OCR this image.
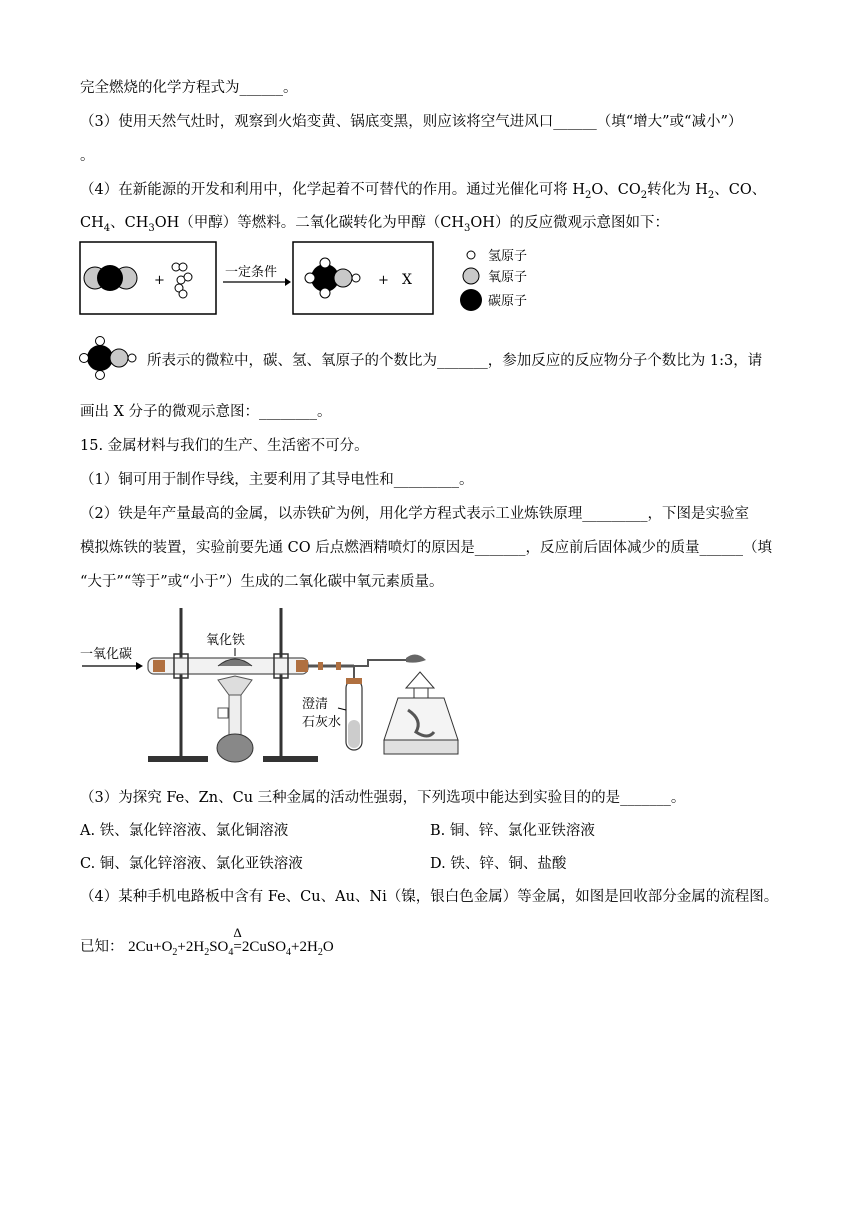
完全燃烧的化学方程式为______。
（3）使用天然气灶时，观察到火焰变黄、锅底变黑，则应该将空气进风口______（填“增大”或“减小”）
。
（4）在新能源的开发和利用中，化学起着不可替代的作用。通过光催化可将 $H_2O$、$CO_2$转化为 $H_2$、CO、
$CH_4$、$CH_3OH$（甲醇）等燃料。二氧化碳转化为甲醇$(CH_3OH)$的反应微观示意图如下：
+
一定条件
+ X
氢原子
氧原子
碳原子
所表示的微粒中，碳、氢、氧原子的个数比为_______，参加反应的反应物分子个数比为 1:3，请
画出 X 分子的微观示意图：________。
15. 金属材料与我们的生产、生活密不可分。
（1）铜可用于制作导线，主要利用了其导电性和_________。
（2）铁是年产量最高的金属，以赤铁矿为例，用化学方程式表示工业炼铁原理_________，下图是实验室
模拟炼铁的装置，实验前要先通 CO 后点燃酒精喷灯的原因是_______，反应前后固体减少的质量______（填
“大于”“等于”或“小于”）生成的二氧化碳中氧元素质量。
一氧化碳
氧化铁
澄清
石灰水
（3）为探究 Fe、Zn、Cu 三种金属的活动性强弱，下列选项中能达到实验目的的是_______。
A. 铁、氯化锌溶液、氯化铜溶液	B. 铜、锌、氯化亚铁溶液
C. 铜、氯化锌溶液、氯化亚铁溶液	D. 铁、锌、铜、盐酸
（4）某种手机电路板中含有 Fe、Cu、Au、Ni（镍，银白色金属）等金属，如图是回收部分金属的流程图。
已知： $2Cu+O_2+2H_2SO_4$
Δ
$=2CuSO_4+2H_2O$
